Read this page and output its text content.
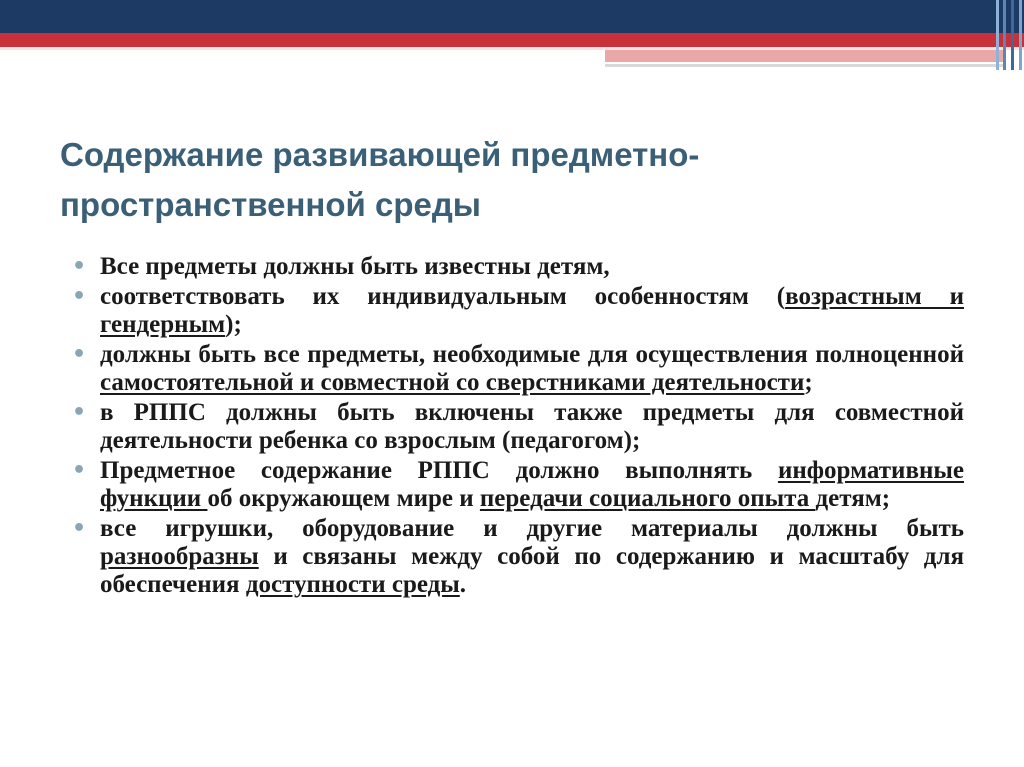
Содержание развивающей предметно-пространственной среды
• Все предметы должны быть известны детям,
• соответствовать их индивидуальным особенностям (возрастным и гендерным);
• должны быть все предметы, необходимые для осуществления полноценной самостоятельной и совместной со сверстниками деятельности;
• в РППС должны быть включены также предметы для совместной деятельности ребенка со взрослым (педагогом);
• Предметное содержание РППС должно выполнять информативные функции об окружающем мире и передачи социального опыта детям;
• все игрушки, оборудование и другие материалы должны быть разнообразны и связаны между собой по содержанию и масштабу для обеспечения доступности среды.
